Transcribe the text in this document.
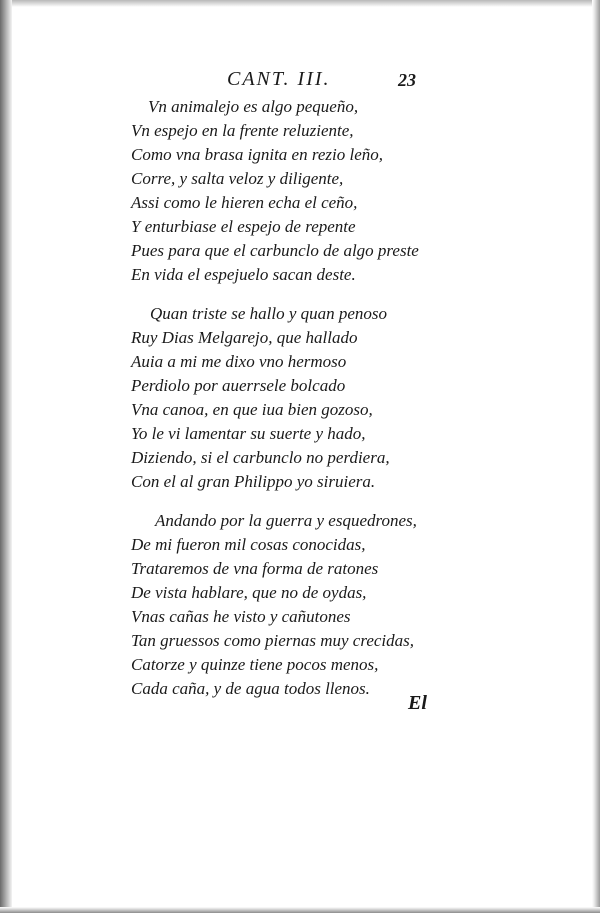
CANT. III.	23
Vn animalejo es algo pequeño,
Vn espejo en la frente reluziente,
Como vna brasa ignita en rezio leño,
Corre, y salta veloz y diligente,
Assi como le hieren echa el ceño,
Y enturbiase el espejo de repente
Pues para que el carbunclo de algo preste
En vida el espejuelo sacan deste.
Quan triste se hallo y quan penoso
Ruy Dias Melgarejo, que hallado
Auia a mi me dixo vno hermoso
Perdiolo por auerrsele bolcado
Vna canoa, en que iua bien gozoso,
Yo le vi lamentar su suerte y hado,
Diziendo, si el carbunclo no perdiera,
Con el al gran Philippo yo siruiera.
Andando por la guerra y esquedrones,
De mi fueron mil cosas conocidas,
Trataremos de vna forma de ratones
De vista hablare, que no de oydas,
Vnas cañas he visto y cañutones
Tan gruessos como piernas muy crecidas,
Catorze y quinze tiene pocos menos,
Cada caña, y de agua todos llenos.
El
